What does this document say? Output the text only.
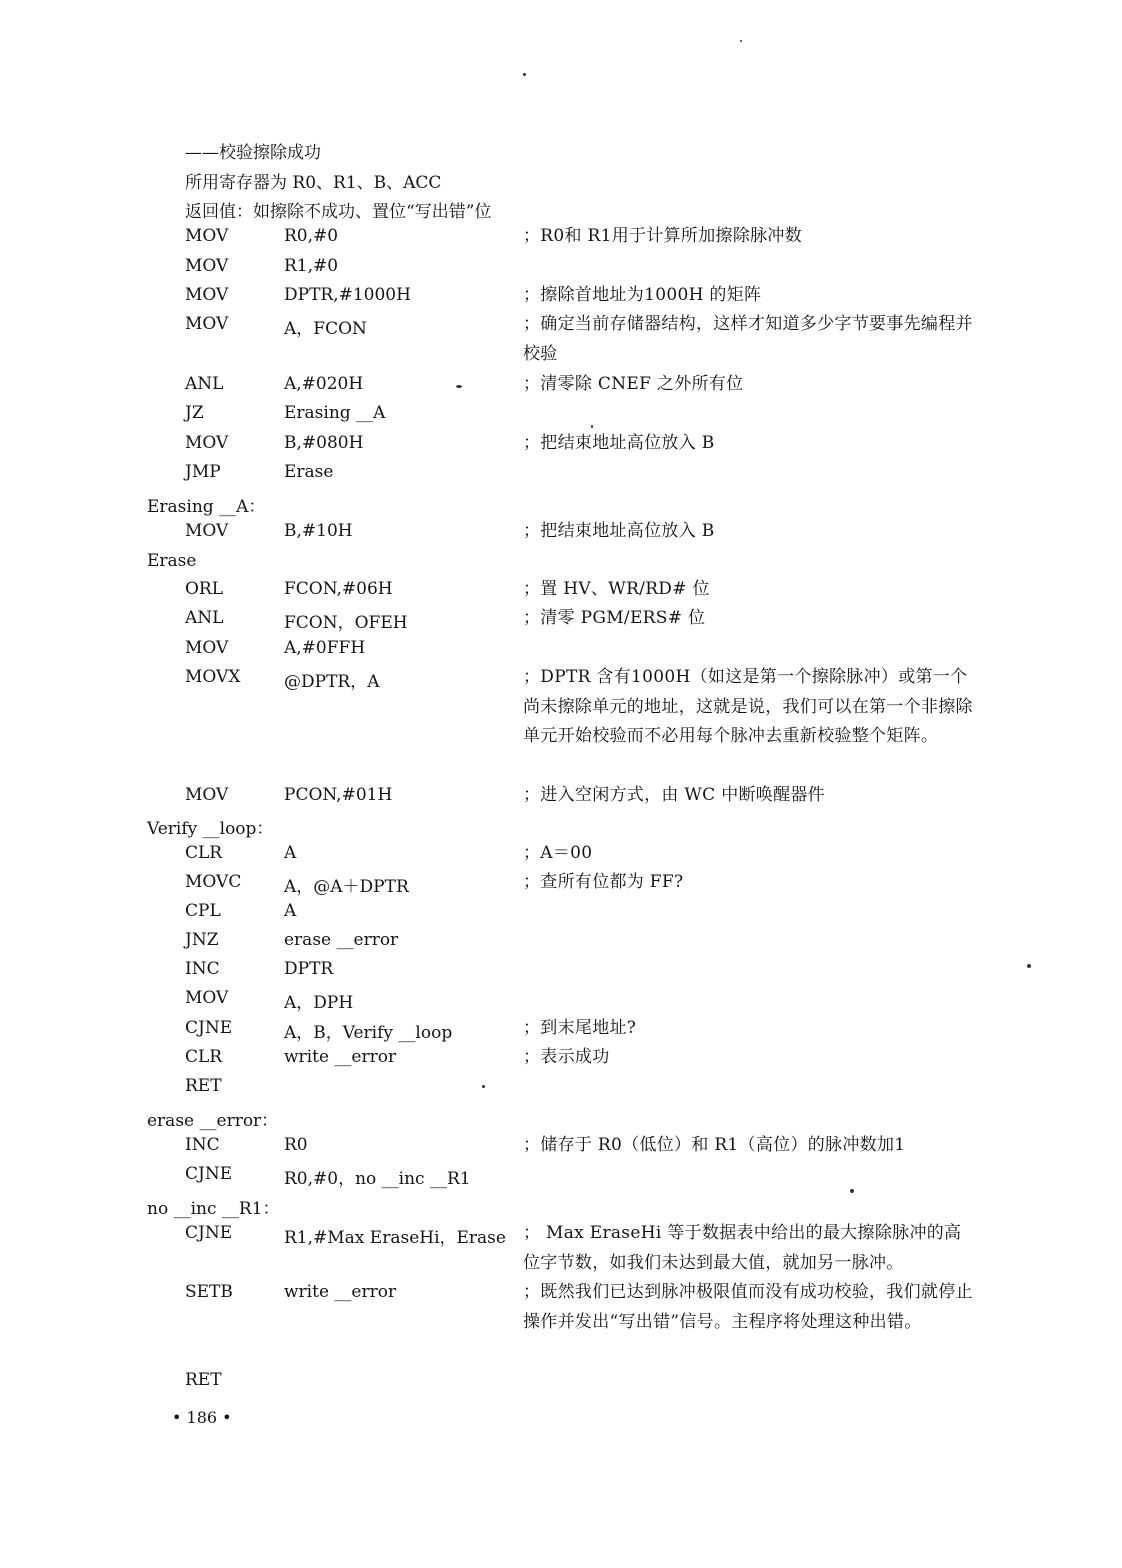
——校验擦除成功
所用寄存器为 R0、R1、B、ACC
返回值：如擦除不成功、置位“写出错”位
MOV	R0,#0	；R0和 R1用于计算所加擦除脉冲数
MOV	R1,#0
MOV	DPTR,#1000H	；擦除首地址为1000H 的矩阵
MOV	A，FCON	；确定当前存储器结构，这样才知道多少字节要事先编程并校验
ANL	A,#020H	；清零除 CNEF 之外所有位
JZ	Erasing __A
MOV	B,#080H	；把结束地址高位放入 B
JMP	Erase
Erasing __A：
MOV	B,#10H	；把结束地址高位放入 B
Erase
ORL	FCON,#06H	；置 HV、WR/RD# 位
ANL	FCON，OFEH	；清零 PGM/ERS# 位
MOV	A,#0FFH
MOVX	@DPTR，A	；DPTR 含有1000H（如这是第一个擦除脉冲）或第一个尚未擦除单元的地址，这就是说，我们可以在第一个非擦除单元开始校验而不必用每个脉冲去重新校验整个矩阵。
MOV	PCON,#01H	；进入空闲方式，由 WC 中断唤醒器件
Verify __loop：
CLR	A	；A＝00
MOVC	A，@A＋DPTR	；查所有位都为 FF?
CPL	A
JNZ	erase __error
INC	DPTR
MOV	A，DPH
CJNE	A，B，Verify __loop	；到末尾地址?
CLR	write __error	；表示成功
RET
erase __error：
INC	R0	；储存于 R0（低位）和 R1（高位）的脉冲数加1
CJNE	R0,#0，no __inc __R1
no __inc __R1：
CJNE	R1,#Max EraseHi，Erase ； Max EraseHi 等于数据表中给出的最大擦除脉冲的高位字节数，如我们未达到最大值，就加另一脉冲。
SETB	write __error	；既然我们已达到脉冲极限值而没有成功校验，我们就停止操作并发出“写出错”信号。主程序将处理这种出错。
RET
• 186 •
